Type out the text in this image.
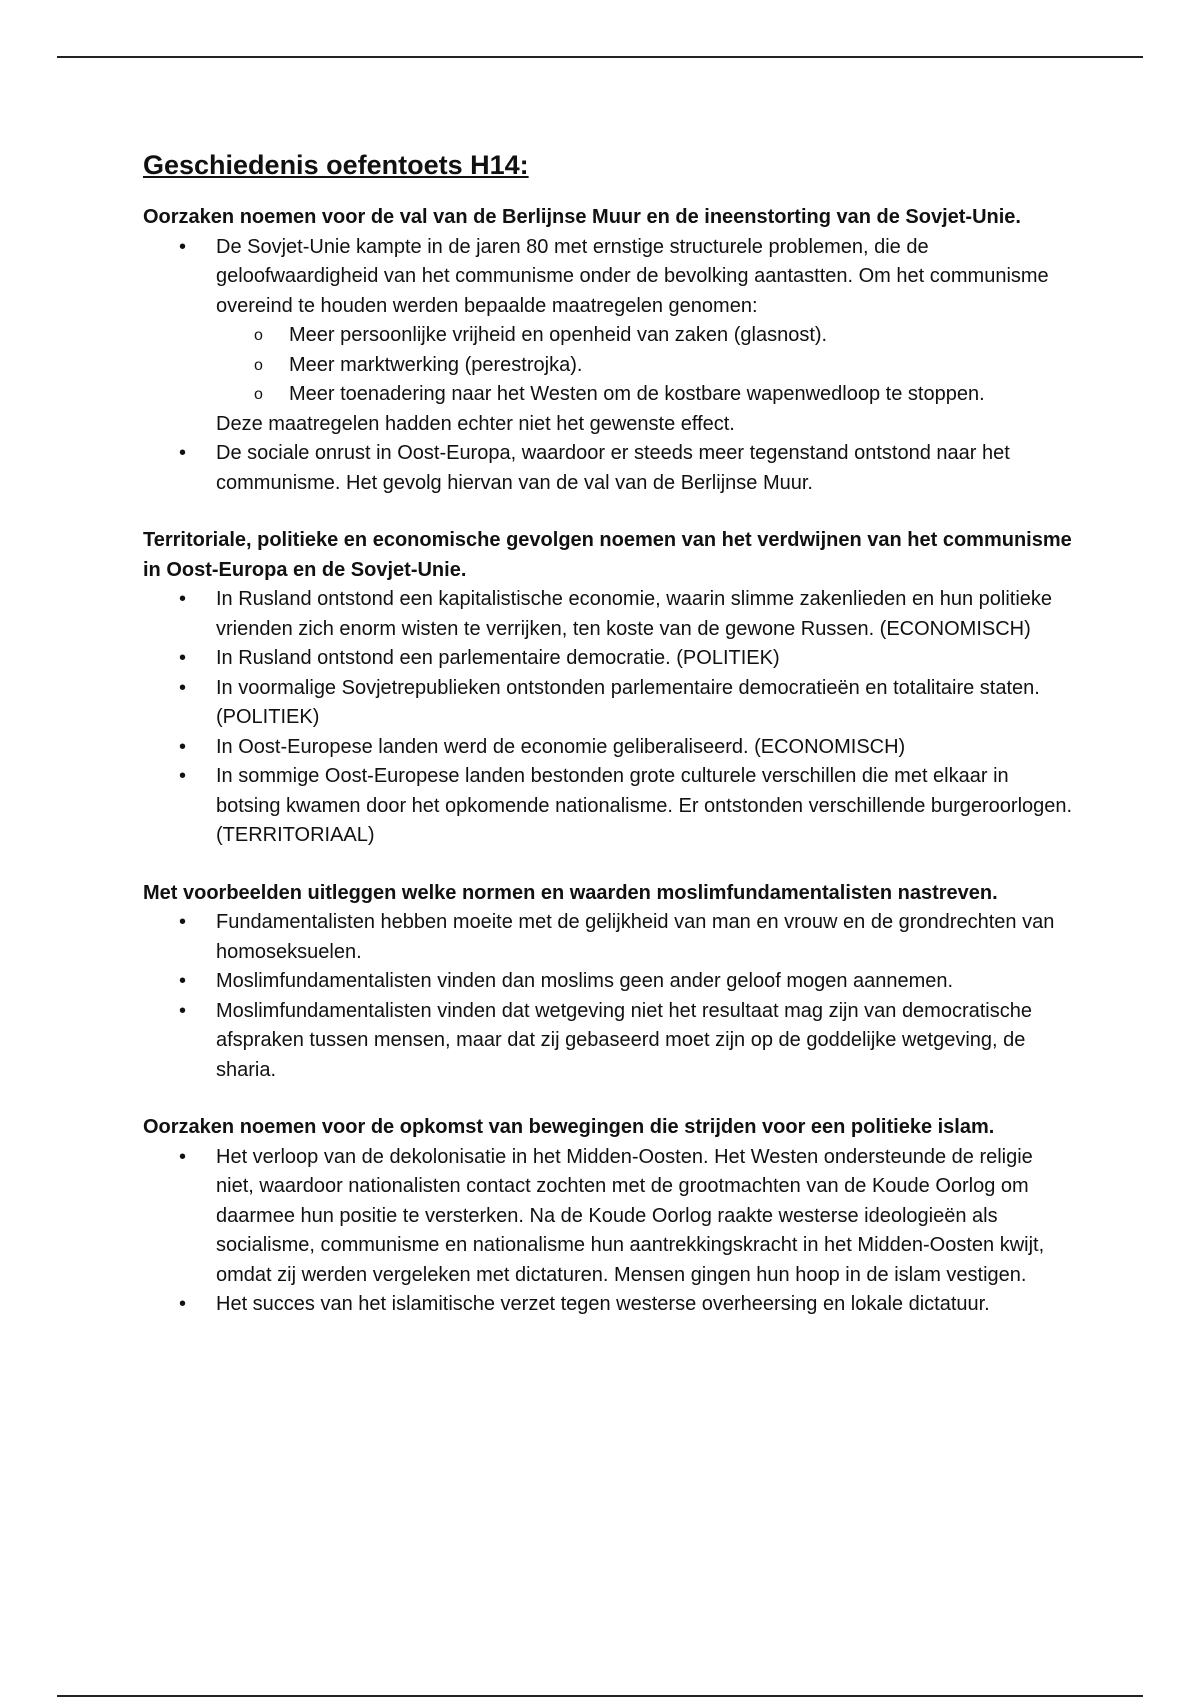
Geschiedenis oefentoets H14:

Oorzaken noemen voor de val van de Berlijnse Muur en de ineenstorting van de Sovjet-Unie.

• De Sovjet-Unie kampte in de jaren 80 met ernstige structurele problemen, die de geloofwaardigheid van het communisme onder de bevolking aantastten. Om het communisme overeind te houden werden bepaalde maatregelen genomen:
o Meer persoonlijke vrijheid en openheid van zaken (glasnost).
o Meer marktwerking (perestrojka).
o Meer toenadering naar het Westen om de kostbare wapenwedloop te stoppen.
Deze maatregelen hadden echter niet het gewenste effect.
• De sociale onrust in Oost-Europa, waardoor er steeds meer tegenstand ontstond naar het communisme. Het gevolg hiervan van de val van de Berlijnse Muur.

Territoriale, politieke en economische gevolgen noemen van het verdwijnen van het communisme in Oost-Europa en de Sovjet-Unie.

• In Rusland ontstond een kapitalistische economie, waarin slimme zakenlieden en hun politieke vrienden zich enorm wisten te verrijken, ten koste van de gewone Russen. (ECONOMISCH)
• In Rusland ontstond een parlementaire democratie. (POLITIEK)
• In voormalige Sovjetrepublieken ontstonden parlementaire democratieën en totalitaire staten. (POLITIEK)
• In Oost-Europese landen werd de economie geliberaliseerd. (ECONOMISCH)
• In sommige Oost-Europese landen bestonden grote culturele verschillen die met elkaar in botsing kwamen door het opkomende nationalisme. Er ontstonden verschillende burgeroorlogen. (TERRITORIAAL)

Met voorbeelden uitleggen welke normen en waarden moslimfundamentalisten nastreven.

• Fundamentalisten hebben moeite met de gelijkheid van man en vrouw en de grondrechten van homoseksuelen.
• Moslimfundamentalisten vinden dan moslims geen ander geloof mogen aannemen.
• Moslimfundamentalisten vinden dat wetgeving niet het resultaat mag zijn van democratische afspraken tussen mensen, maar dat zij gebaseerd moet zijn op de goddelijke wetgeving, de sharia.

Oorzaken noemen voor de opkomst van bewegingen die strijden voor een politieke islam.

• Het verloop van de dekolonisatie in het Midden-Oosten. Het Westen ondersteunde de religie niet, waardoor nationalisten contact zochten met de grootmachten van de Koude Oorlog om daarmee hun positie te versterken. Na de Koude Oorlog raakte westerse ideologieën als socialisme, communisme en nationalisme hun aantrekkingskracht in het Midden-Oosten kwijt, omdat zij werden vergeleken met dictaturen. Mensen gingen hun hoop in de islam vestigen.
• Het succes van het islamitische verzet tegen westerse overheersing en lokale dictatuur.
